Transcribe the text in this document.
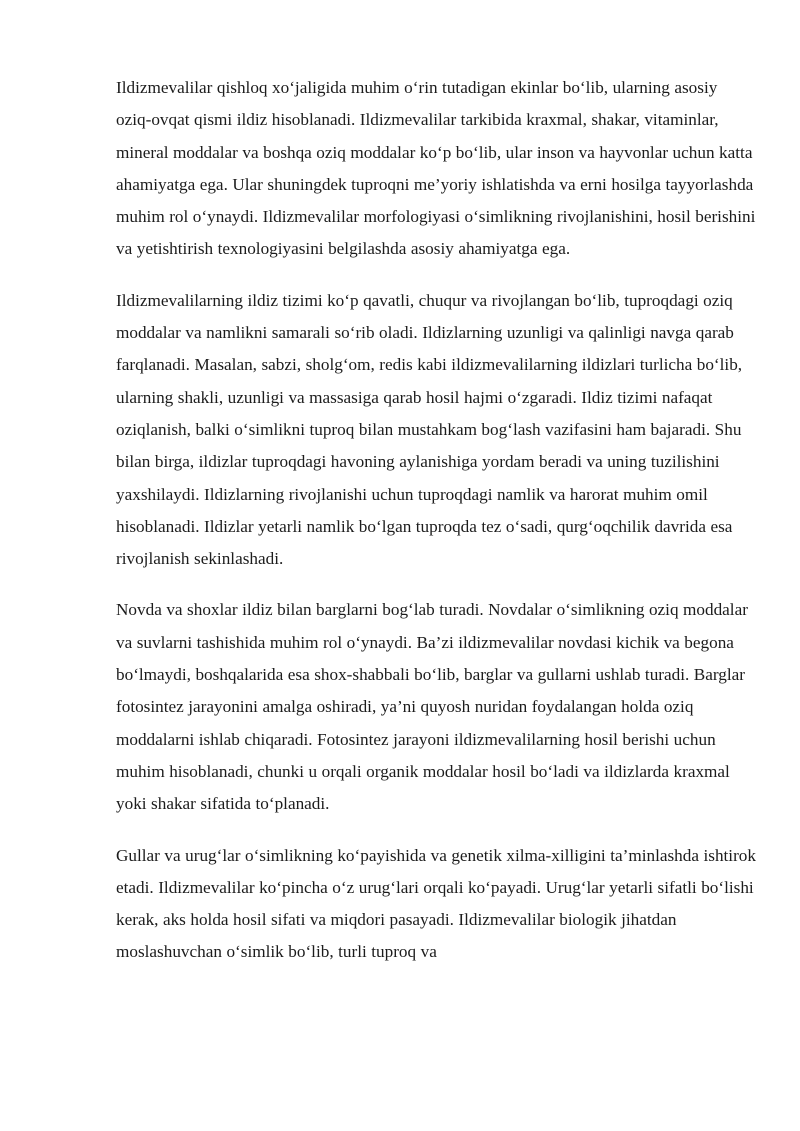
Ildizmevalilar qishloq xo‘jaligida muhim o‘rin tutadigan ekinlar bo‘lib, ularning asosiy oziq-ovqat qismi ildiz hisoblanadi. Ildizmevalilar tarkibida kraxmal, shakar, vitaminlar, mineral moddalar va boshqa oziq moddalar ko‘p bo‘lib, ular inson va hayvonlar uchun katta ahamiyatga ega. Ular shuningdek tuproqni me’yoriy ishlatishda va erni hosilga tayyorlashda muhim rol o‘ynaydi. Ildizmevalilar morfologiyasi o‘simlikning rivojlanishini, hosil berishini va yetishtirish texnologiyasini belgilashda asosiy ahamiyatga ega.

Ildizmevalilarning ildiz tizimi ko‘p qavatli, chuqur va rivojlangan bo‘lib, tuproqdagi oziq moddalar va namlikni samarali so‘rib oladi. Ildizlarning uzunligi va qalinligi navga qarab farqlanadi. Masalan, sabzi, sholg‘om, redis kabi ildizmevalilarning ildizlari turlicha bo‘lib, ularning shakli, uzunligi va massasiga qarab hosil hajmi o‘zgaradi. Ildiz tizimi nafaqat oziqlanish, balki o‘simlikni tuproq bilan mustahkam bog‘lash vazifasini ham bajaradi. Shu bilan birga, ildizlar tuproqdagi havoning aylanishiga yordam beradi va uning tuzilishini yaxshilaydi. Ildizlarning rivojlanishi uchun tuproqdagi namlik va harorat muhim omil hisoblanadi. Ildizlar yetarli namlik bo‘lgan tuproqda tez o‘sadi, qurg‘oqchilik davrida esa rivojlanish sekinlashadi.

Novda va shoxlar ildiz bilan barglarni bog‘lab turadi. Novdalar o‘simlikning oziq moddalar va suvlarni tashishida muhim rol o‘ynaydi. Ba’zi ildizmevalilar novdasi kichik va begona bo‘lmaydi, boshqalarida esa shox-shabbali bo‘lib, barglar va gullarni ushlab turadi. Barglar fotosintez jarayonini amalga oshiradi, ya’ni quyosh nuridan foydalangan holda oziq moddalarni ishlab chiqaradi. Fotosintez jarayoni ildizmevalilarning hosil berishi uchun muhim hisoblanadi, chunki u orqali organik moddalar hosil bo‘ladi va ildizlarda kraxmal yoki shakar sifatida to‘planadi.

Gullar va urug‘lar o‘simlikning ko‘payishida va genetik xilma-xilligini ta’minlashda ishtirok etadi. Ildizmevalilar ko‘pincha o‘z urug‘lari orqali ko‘payadi. Urug‘lar yetarli sifatli bo‘lishi kerak, aks holda hosil sifati va miqdori pasayadi. Ildizmevalilar biologik jihatdan moslashuvchan o‘simlik bo‘lib, turli tuproq va
